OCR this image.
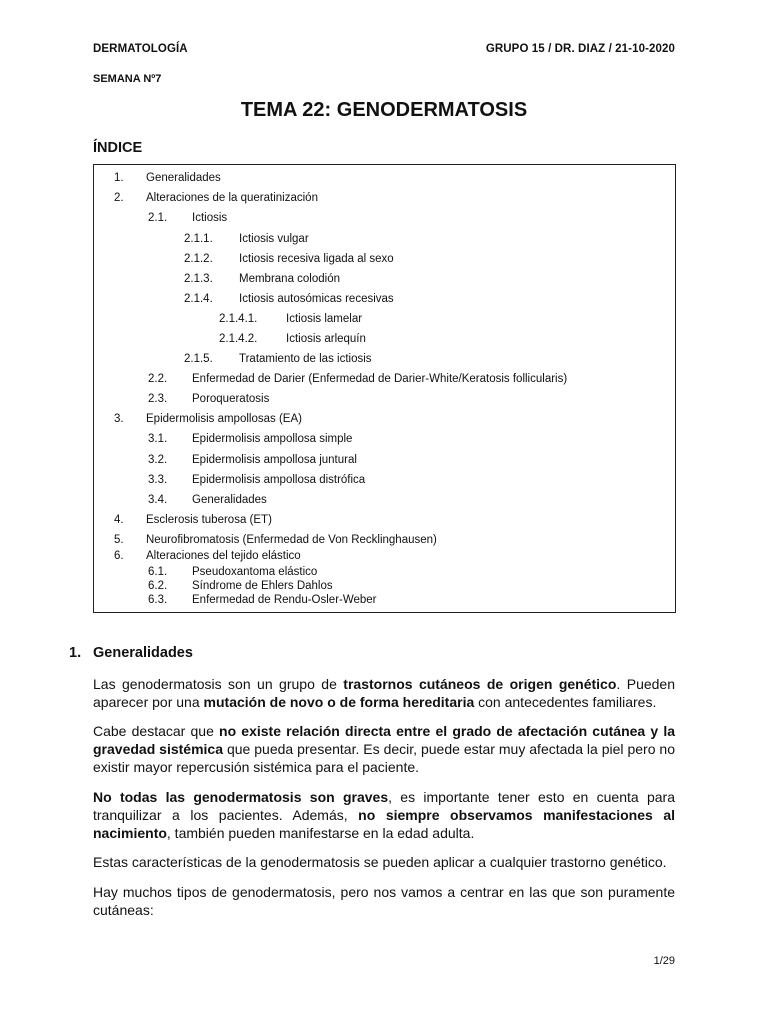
DERMATOLOGÍA	GRUPO 15 / DR. DIAZ / 21-10-2020
SEMANA Nº7
TEMA 22: GENODERMATOSIS
ÍNDICE
1. Generalidades
2. Alteraciones de la queratinización
2.1. Ictiosis
2.1.1. Ictiosis vulgar
2.1.2. Ictiosis recesiva ligada al sexo
2.1.3. Membrana colodión
2.1.4. Ictiosis autosómicas recesivas
2.1.4.1. Ictiosis lamelar
2.1.4.2. Ictiosis arlequín
2.1.5. Tratamiento de las ictiosis
2.2. Enfermedad de Darier (Enfermedad de Darier-White/Keratosis follicularis)
2.3. Poroqueratosis
3. Epidermolisis ampollosas (EA)
3.1. Epidermolisis ampollosa simple
3.2. Epidermolisis ampollosa juntural
3.3. Epidermolisis ampollosa distrófica
3.4. Generalidades
4. Esclerosis tuberosa (ET)
5. Neurofibromatosis (Enfermedad de Von Recklinghausen)
6. Alteraciones del tejido elástico
6.1. Pseudoxantoma elástico
6.2. Síndrome de Ehlers Dahlos
6.3. Enfermedad de Rendu-Osler-Weber
1. Generalidades
Las genodermatosis son un grupo de trastornos cutáneos de origen genético. Pueden aparecer por una mutación de novo o de forma hereditaria con antecedentes familiares.
Cabe destacar que no existe relación directa entre el grado de afectación cutánea y la gravedad sistémica que pueda presentar. Es decir, puede estar muy afectada la piel pero no existir mayor repercusión sistémica para el paciente.
No todas las genodermatosis son graves, es importante tener esto en cuenta para tranquilizar a los pacientes. Además, no siempre observamos manifestaciones al nacimiento, también pueden manifestarse en la edad adulta.
Estas características de la genodermatosis se pueden aplicar a cualquier trastorno genético.
Hay muchos tipos de genodermatosis, pero nos vamos a centrar en las que son puramente cutáneas:
1/29
